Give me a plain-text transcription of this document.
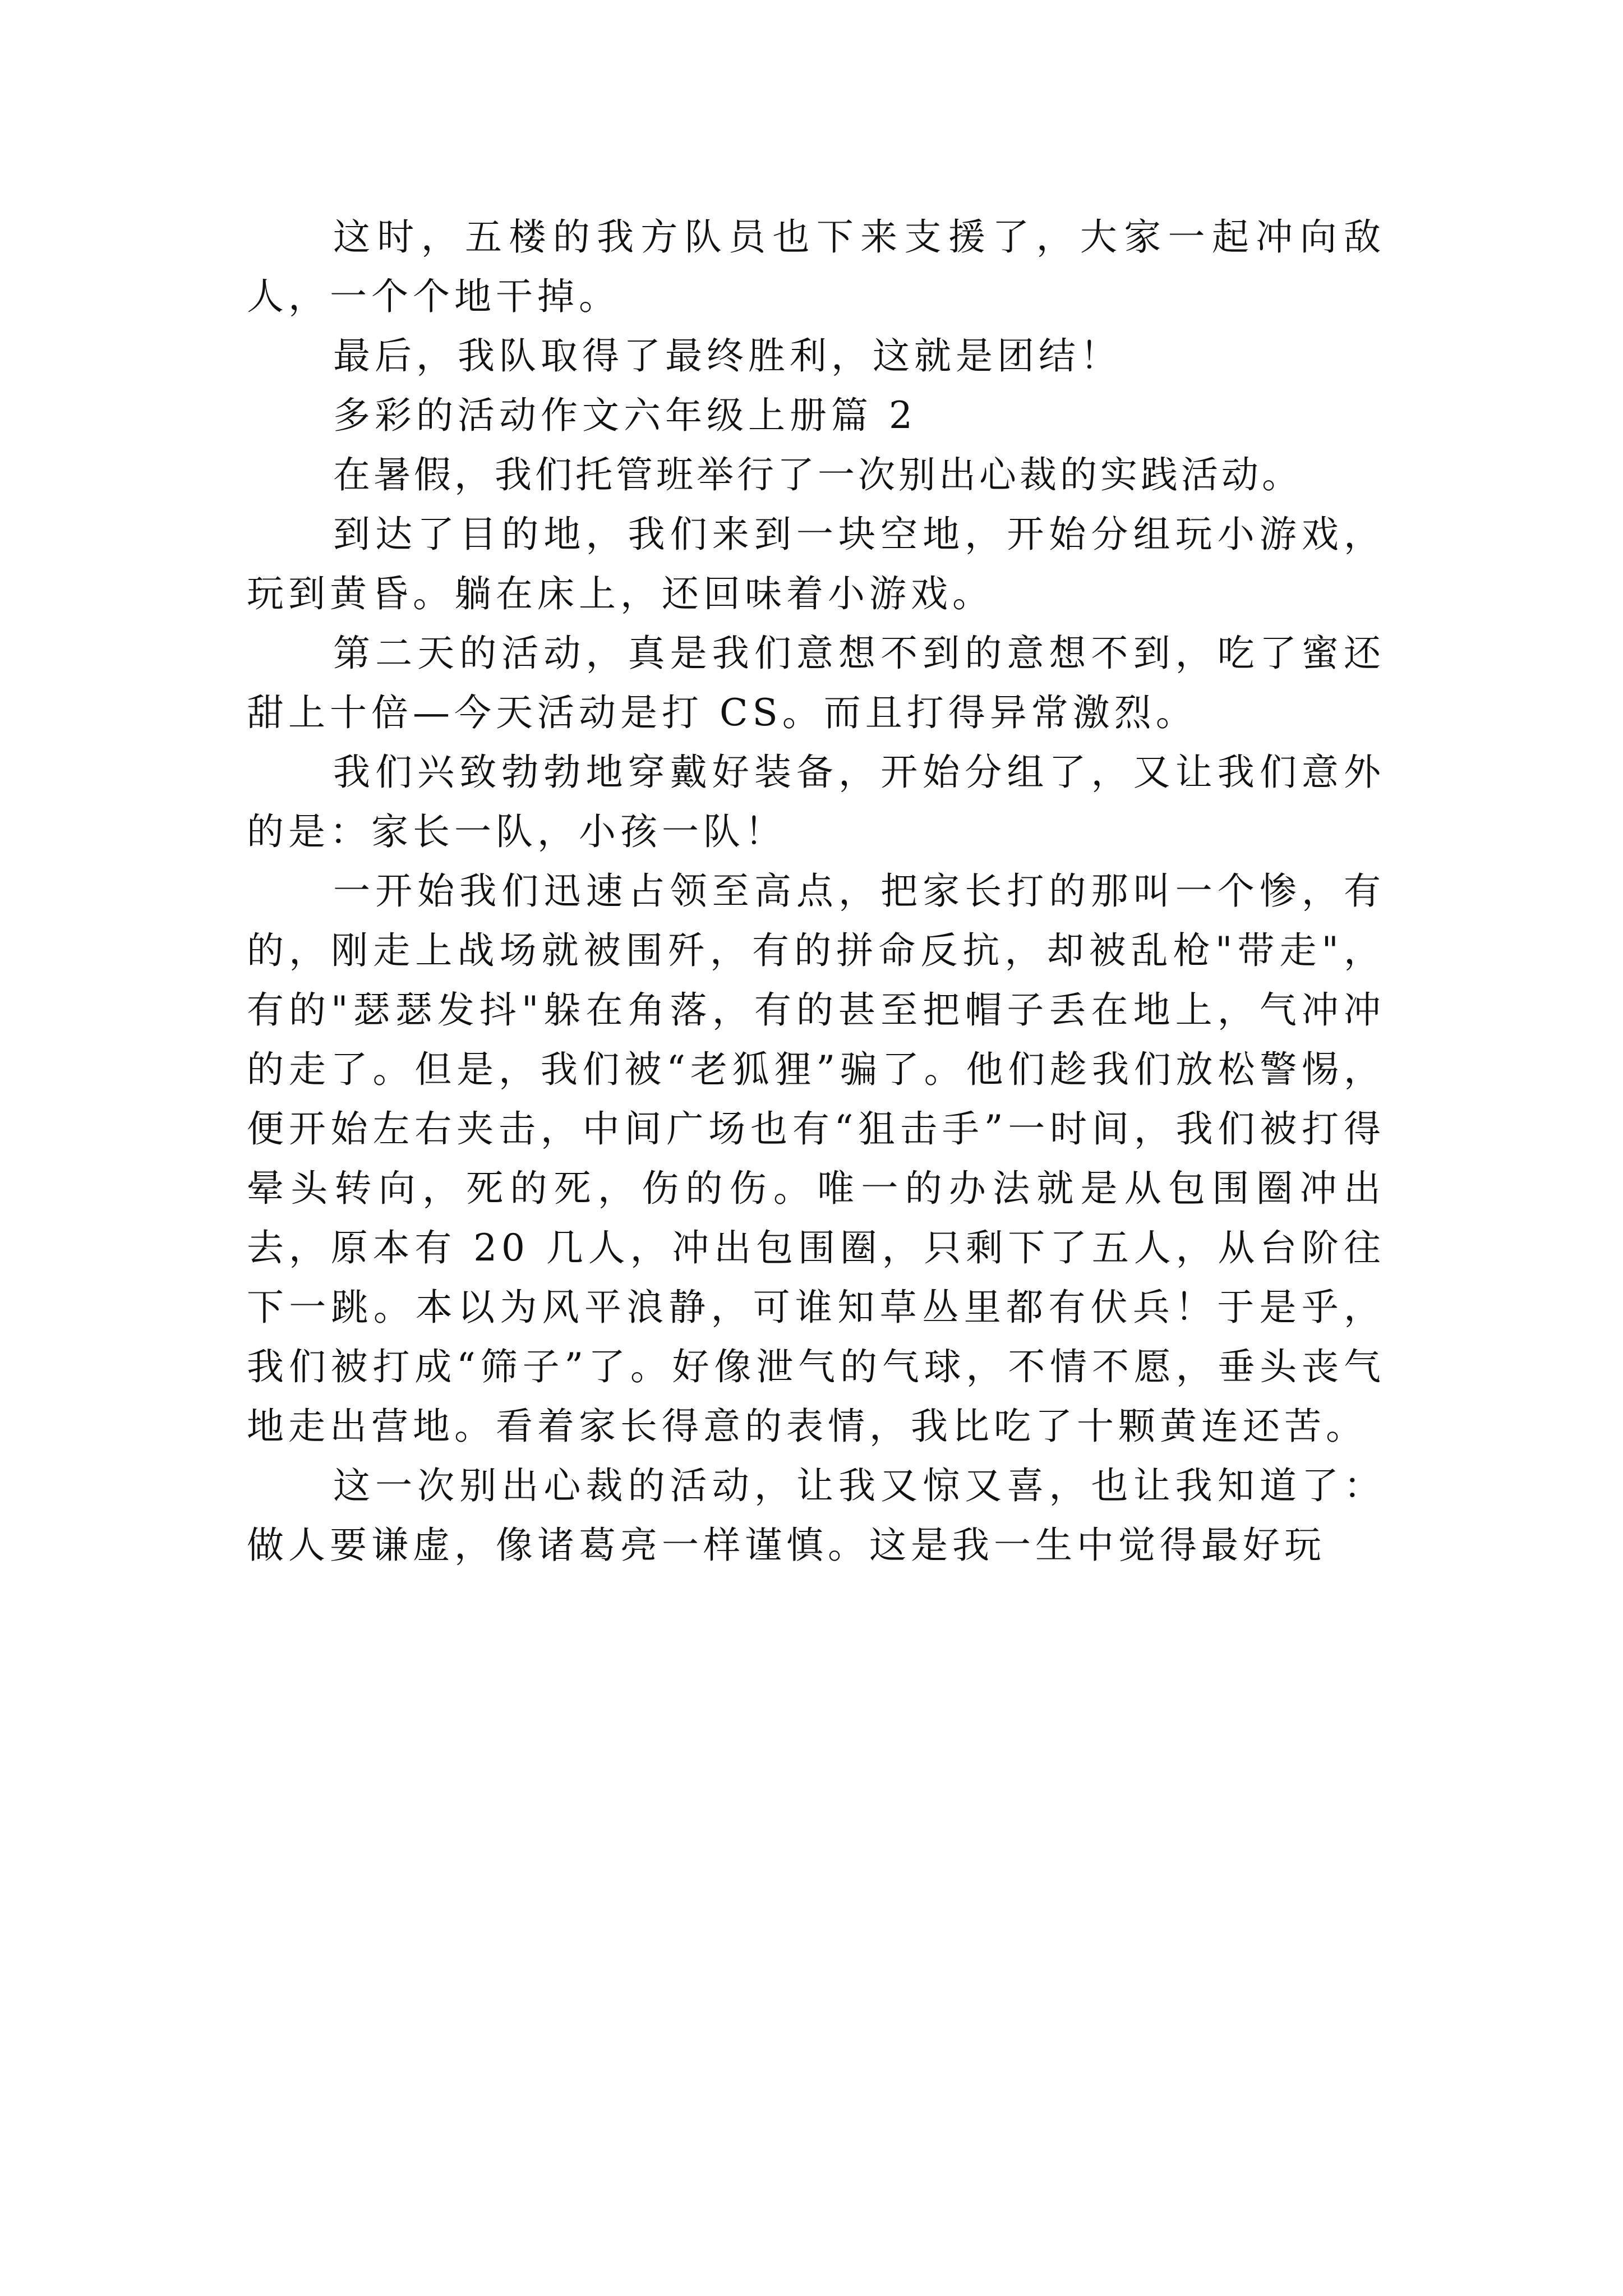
这时，五楼的我方队员也下来支援了，大家一起冲向敌人，一个个地干掉。

最后，我队取得了最终胜利，这就是团结！

多彩的活动作文六年级上册篇 2

在暑假，我们托管班举行了一次别出心裁的实践活动。

到达了目的地，我们来到一块空地，开始分组玩小游戏，玩到黄昏。躺在床上，还回味着小游戏。

第二天的活动，真是我们意想不到的意想不到，吃了蜜还甜上十倍—今天活动是打 CS。而且打得异常激烈。

我们兴致勃勃地穿戴好装备，开始分组了，又让我们意外的是：家长一队，小孩一队！

一开始我们迅速占领至高点，把家长打的那叫一个惨，有的，刚走上战场就被围歼，有的拼命反抗，却被乱枪"带走"，有的"瑟瑟发抖"躲在角落，有的甚至把帽子丢在地上，气冲冲的走了。但是，我们被“老狐狸”骗了。他们趁我们放松警惕，便开始左右夹击，中间广场也有“狙击手”一时间，我们被打得晕头转向，死的死，伤的伤。唯一的办法就是从包围圈冲出去，原本有 20 几人，冲出包围圈，只剩下了五人，从台阶往下一跳。本以为风平浪静，可谁知草丛里都有伏兵！于是乎，我们被打成“筛子”了。好像泄气的气球，不情不愿，垂头丧气地走出营地。看着家长得意的表情，我比吃了十颗黄连还苦。

这一次别出心裁的活动，让我又惊又喜，也让我知道了：做人要谦虚，像诸葛亮一样谨慎。这是我一生中觉得最好玩
